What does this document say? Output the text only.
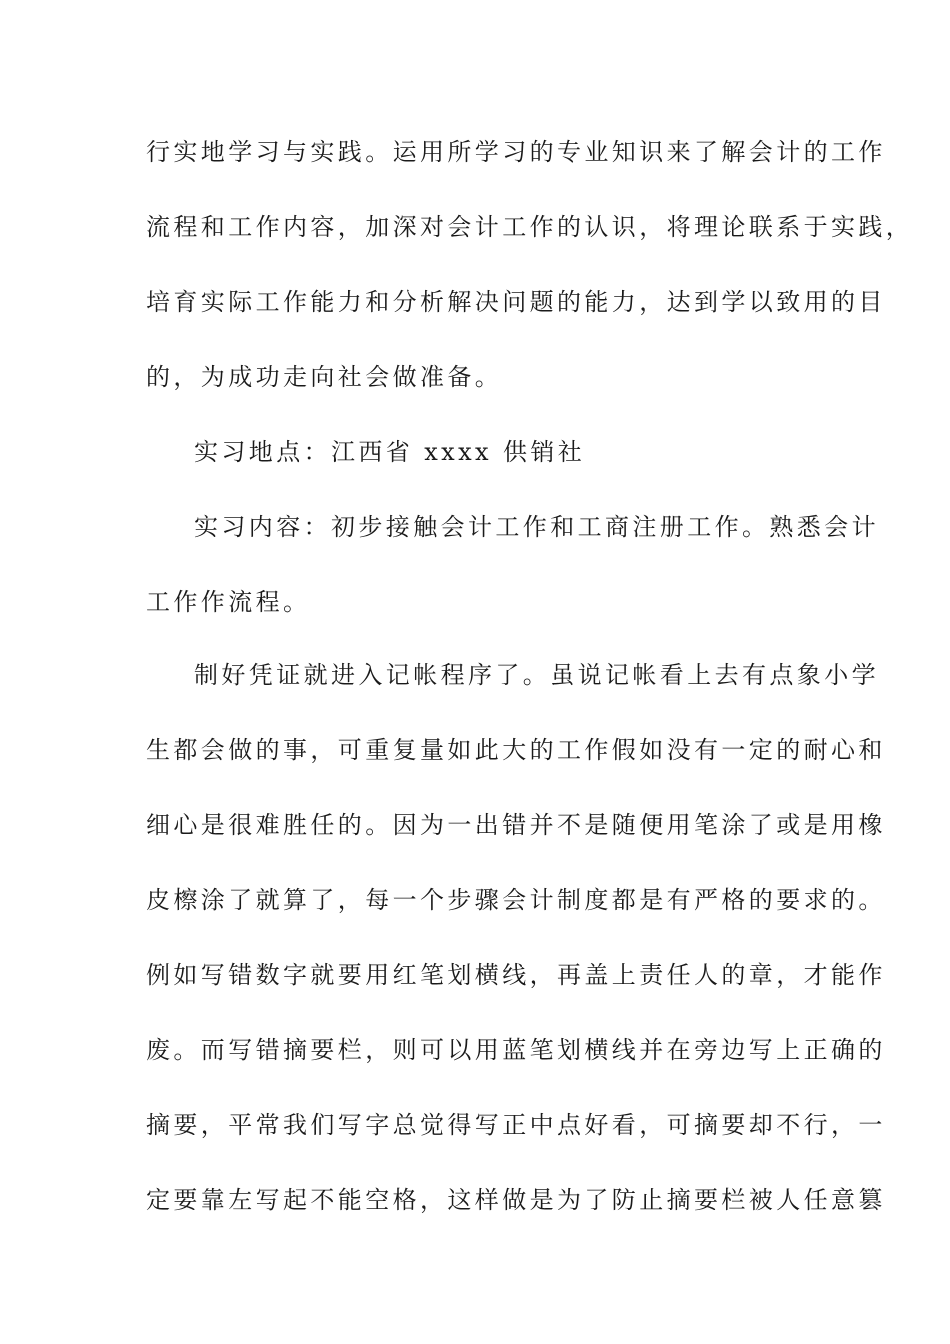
行实地学习与实践。运用所学习的专业知识来了解会计的工作
流程和工作内容，加深对会计工作的认识，将理论联系于实践，
培育实际工作能力和分析解决问题的能力，达到学以致用的目
的，为成功走向社会做准备。
实习地点：江西省 xxxx 供销社
实习内容：初步接触会计工作和工商注册工作。熟悉会计
工作作流程。
制好凭证就进入记帐程序了。虽说记帐看上去有点象小学
生都会做的事，可重复量如此大的工作假如没有一定的耐心和
细心是很难胜任的。因为一出错并不是随便用笔涂了或是用橡
皮檫涂了就算了，每一个步骤会计制度都是有严格的要求的。
例如写错数字就要用红笔划横线，再盖上责任人的章，才能作
废。而写错摘要栏，则可以用蓝笔划横线并在旁边写上正确的
摘要，平常我们写字总觉得写正中点好看，可摘要却不行，一
定要靠左写起不能空格，这样做是为了防止摘要栏被人任意篡
